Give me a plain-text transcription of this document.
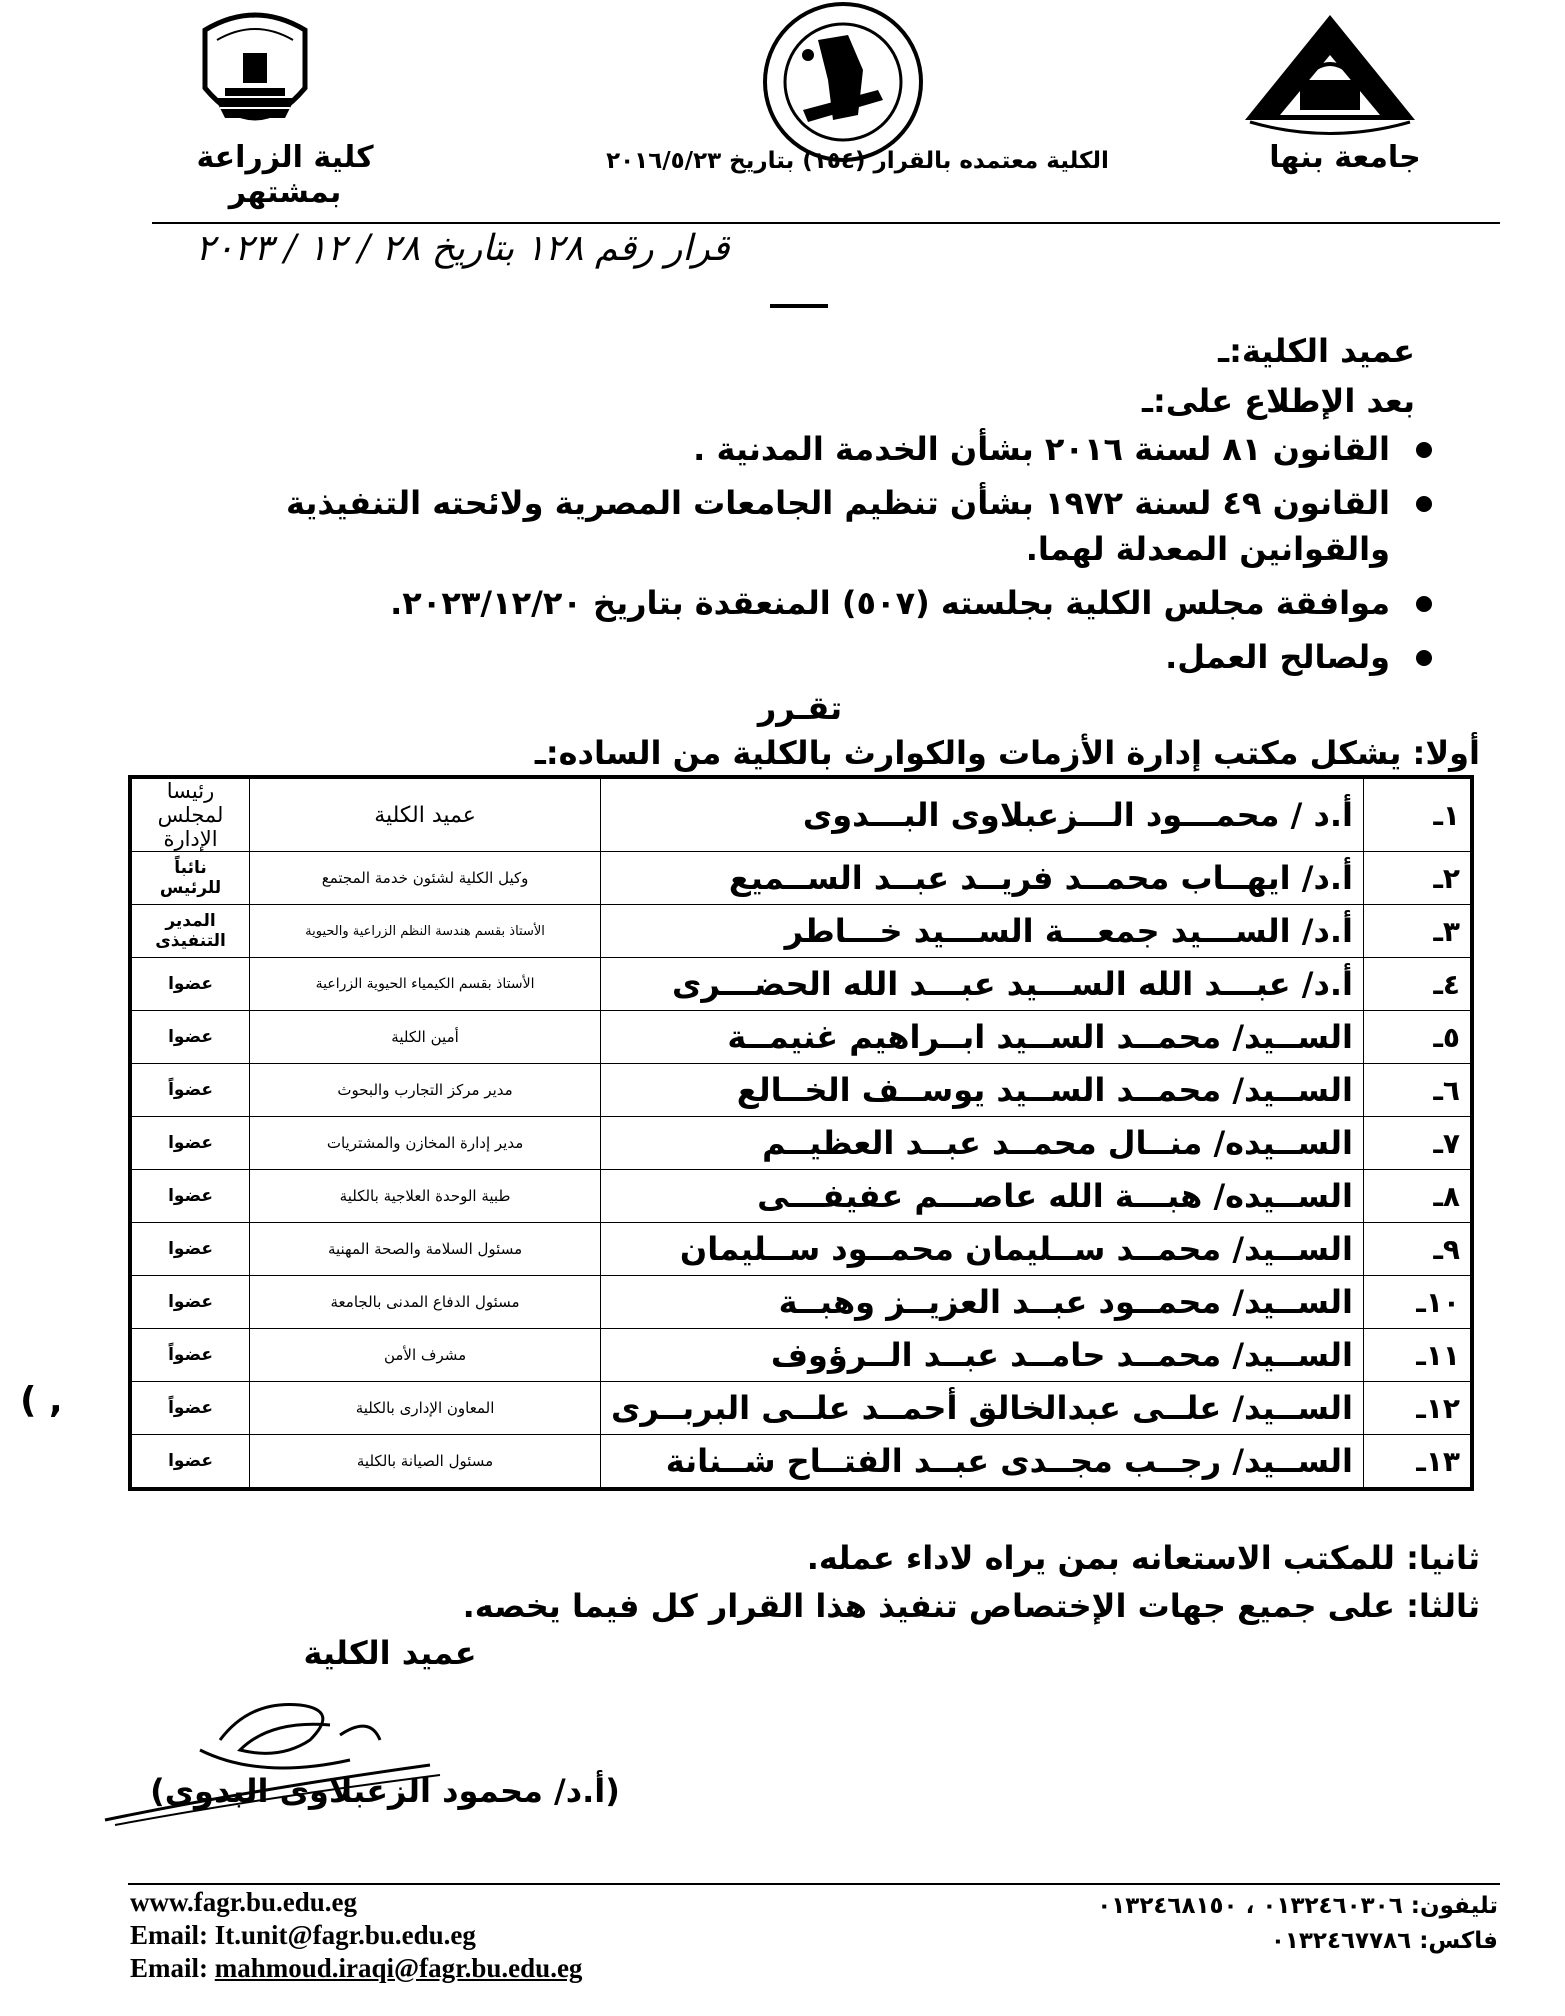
جامعة بنها
الكلية معتمده بالقرار (١٥٤) بتاريخ ٢٠١٦/٥/٢٣
كلية الزراعة بمشتهر
قرار رقم ١٢٨ بتاريخ ٢٨ / ١٢ / ٢٠٢٣
عميد الكلية:ـ
بعد الإطلاع على:ـ
القانون ٨١ لسنة ٢٠١٦ بشأن الخدمة المدنية .
القانون ٤٩ لسنة ١٩٧٢ بشأن تنظيم الجامعات المصرية ولائحته التنفيذية والقوانين المعدلة لهما.
موافقة مجلس الكلية بجلسته (٥٠٧) المنعقدة بتاريخ ٢٠٢٣/١٢/٢٠.
ولصالح العمل.
تقـرر
أولا: يشكل مكتب إدارة الأزمات والكوارث بالكلية من الساده:ـ
١ـ	أ.د / محمـــود الـــزعبلاوى البـــدوى	عميد الكلية	رئيسا لمجلس الإدارة
٢ـ	أ.د/ ايهــاب محمــد فريــد عبــد الســميع	وكيل الكلية لشئون خدمة المجتمع	نائباً للرئيس
٣ـ	أ.د/ الســـيد جمعـــة الســـيد خـــاطر	الأستاذ بقسم هندسة النظم الزراعية والحيوية	المدير التنفيذى
٤ـ	أ.د/ عبـــد الله الســـيد عبـــد الله الحضـــرى	الأستاذ بقسم الكيمياء الحيوية الزراعية	عضوا
٥ـ	الســيد/ محمــد الســيد ابــراهيم غنيمــة	أمين الكلية	عضوا
٦ـ	الســيد/ محمــد الســيد يوســف الخــالع	مدير مركز التجارب والبحوث	عضواً
٧ـ	الســيده/ منــال محمــد عبــد العظيــم	مدير إدارة المخازن والمشتريات	عضوا
٨ـ	الســيده/ هبـــة الله عاصـــم عفيفـــى	طبية الوحدة العلاجية بالكلية	عضوا
٩ـ	الســيد/ محمــد ســليمان محمــود ســليمان	مسئول السلامة والصحة المهنية	عضوا
١٠ـ	الســيد/ محمــود عبــد العزيــز وهبــة	مسئول الدفاع المدنى بالجامعة	عضوا
١١ـ	الســيد/ محمــد حامــد عبــد الــرؤوف	مشرف الأمن	عضواً
١٢ـ	الســيد/ علــى عبدالخالق أحمــد علــى البربــرى	المعاون الإدارى بالكلية	عضواً
١٣ـ	الســيد/ رجــب مجــدى عبــد الفتــاح شــنانة	مسئول الصيانة بالكلية	عضوا
( ,
ثانيا: للمكتب الاستعانه بمن يراه لاداء عمله.
ثالثا: على جميع جهات الإختصاص تنفيذ هذا القرار كل فيما يخصه.
عميد الكلية
(أ.د/ محمود الزعبلاوى البدوى)
www.fagr.bu.edu.eg
Email: It.unit@fagr.bu.edu.eg
Email: mahmoud.iraqi@fagr.bu.edu.eg
تليفون: ٠١٣٢٤٦٠٣٠٦ ، ٠١٣٢٤٦٨١٥٠
فاكس: ٠١٣٢٤٦٧٧٨٦
